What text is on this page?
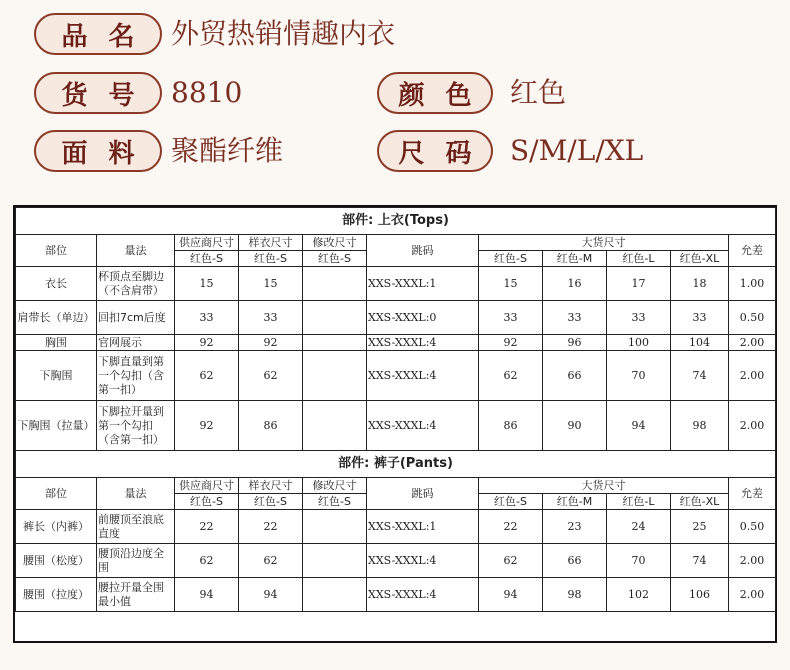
品 名 外贸热销情趣内衣
货 号 8810	颜 色 红色
面 料 聚酯纤维	尺 码 S/M/L/XL
部件: 上衣(Tops)										
部位	量法	供应商尺寸	样衣尺寸	修改尺寸	跳码	大货尺寸				允差
		红色-S	红色-S	红色-S		红色-S	红色-M	红色-L	红色-XL	
衣长	杯顶点至脚边（不含肩带）	15	15		XXS-XXXL:1	15	16	17	18	1.00
肩带长（单边）	回扣7cm后度	33	33		XXS-XXXL:0	33	33	33	33	0.50
胸围	官网展示	92	92		XXS-XXXL:4	92	96	100	104	2.00
下胸围	下脚直量到第一个勾扣（含第一扣）	62	62		XXS-XXXL:4	62	66	70	74	2.00
下胸围（拉量）	下脚拉开量到第一个勾扣（含第一扣）	92	86		XXS-XXXL:4	86	90	94	98	2.00
部件: 裤子(Pants)										
部位	量法	供应商尺寸	样衣尺寸	修改尺寸	跳码	大货尺寸				允差
		红色-S	红色-S	红色-S		红色-S	红色-M	红色-L	红色-XL	
裤长（内裤）	前腰顶至浪底直度	22	22		XXS-XXXL:1	22	23	24	25	0.50
腰围（松度）	腰顶沿边度全围	62	62		XXS-XXXL:4	62	66	70	74	2.00
腰围（拉度）	腰拉开量全围最小值	94	94		XXS-XXXL:4	94	98	102	106	2.00
